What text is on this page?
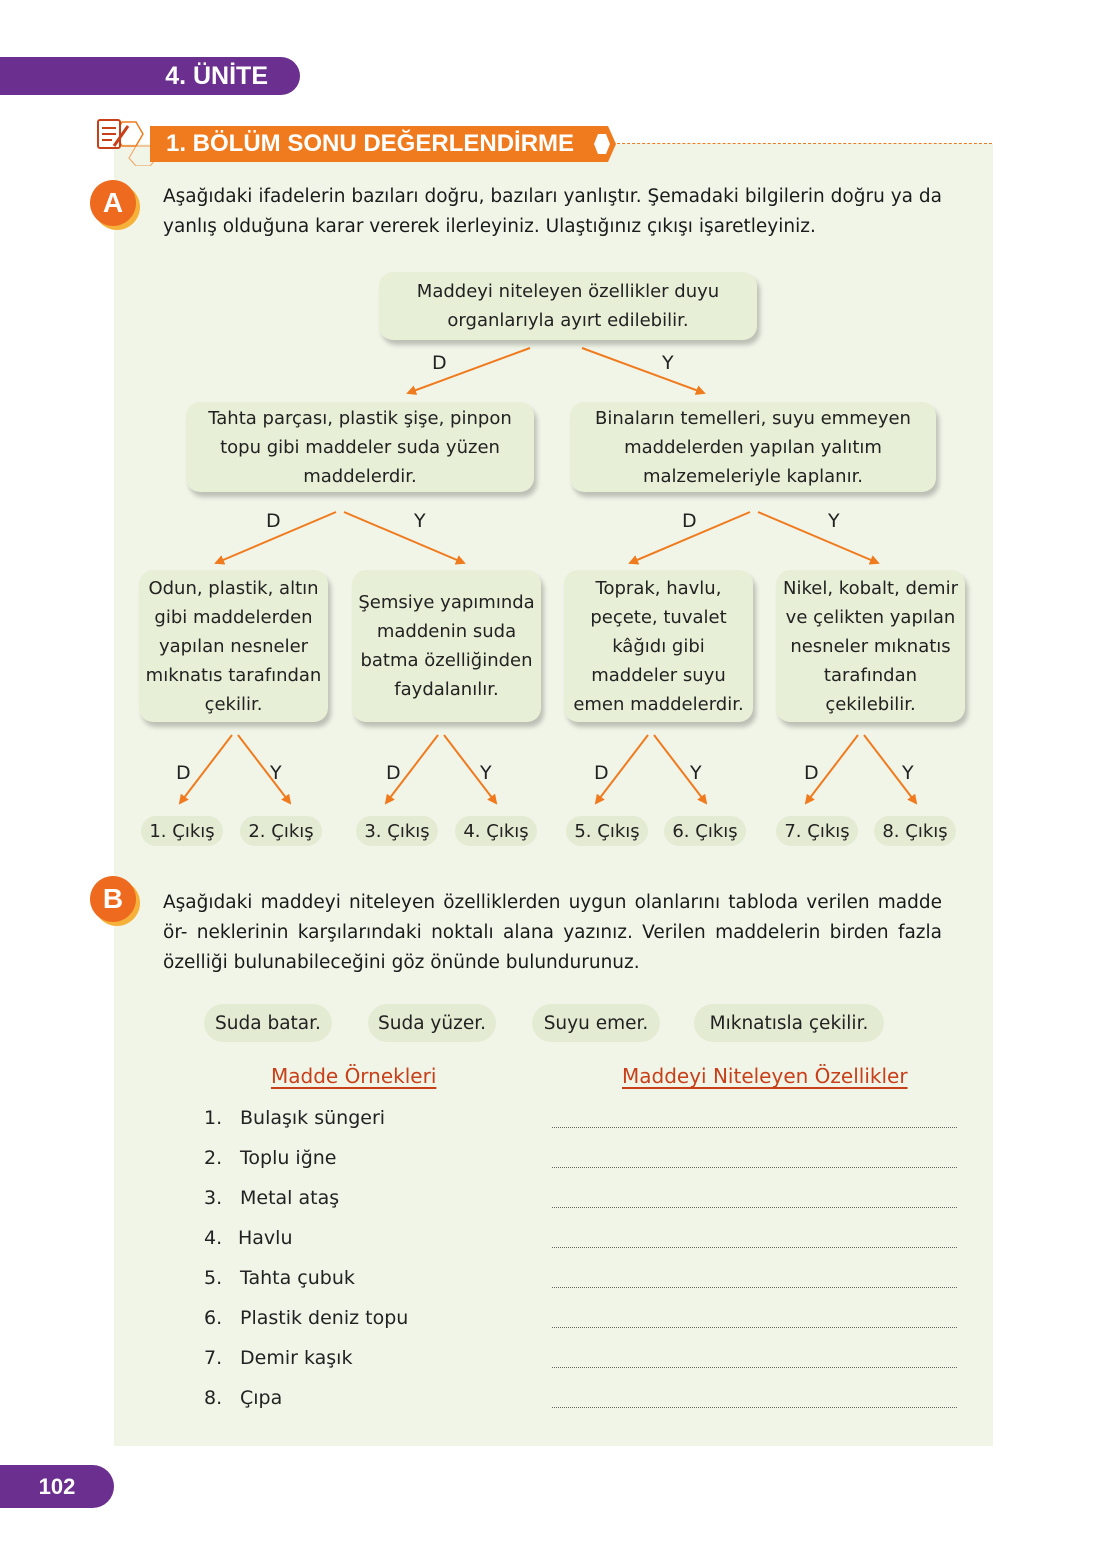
4. ÜNİTE
1. BÖLÜM SONU DEĞERLENDİRME
A Aşağıdaki ifadelerin bazıları doğru, bazıları yanlıştır. Şemadaki bilgilerin doğru ya da yanlış olduğuna karar vererek ilerleyiniz. Ulaştığınız çıkışı işaretleyiniz.
D	Y
D	Y	D	Y
D	Y	D	Y	D	Y	D	Y
Maddeyi niteleyen özellikler duyu organlarıyla ayırt edilebilir.
Tahta parçası, plastik şişe, pinpon topu gibi maddeler suda yüzen maddelerdir.
Binaların temelleri, suyu emmeyen maddelerden yapılan yalıtım malzemeleriyle kaplanır.
Odun, plastik, altın gibi maddelerden yapılan nesneler mıknatıs tarafından çekilir.
Şemsiye yapımında maddenin suda batma özelliğinden faydalanılır.
Toprak, havlu, peçete, tuvalet kâğıdı gibi maddeler suyu emen maddelerdir.
Nikel, kobalt, demir ve çelikten yapılan nesneler mıknatıs tarafından çekilebilir.
1. Çıkış	2. Çıkış	3. Çıkış	4. Çıkış	5. Çıkış	6. Çıkış	7. Çıkış	8. Çıkış
B Aşağıdaki maddeyi niteleyen özelliklerden uygun olanlarını tabloda verilen madde ör- neklerinin karşılarındaki noktalı alana yazınız. Verilen maddelerin birden fazla özelliği bulunabileceğini göz önünde bulundurunuz.
Suda batar.	Suda yüzer.	Suyu emer.	Mıknatısla çekilir.
Madde Örnekleri	Maddeyi Niteleyen Özellikler
1. Bulaşık süngeri
2. Toplu iğne
3. Metal ataş
4. Havlu
5. Tahta çubuk
6. Plastik deniz topu
7. Demir kaşık
8. Çıpa
102
